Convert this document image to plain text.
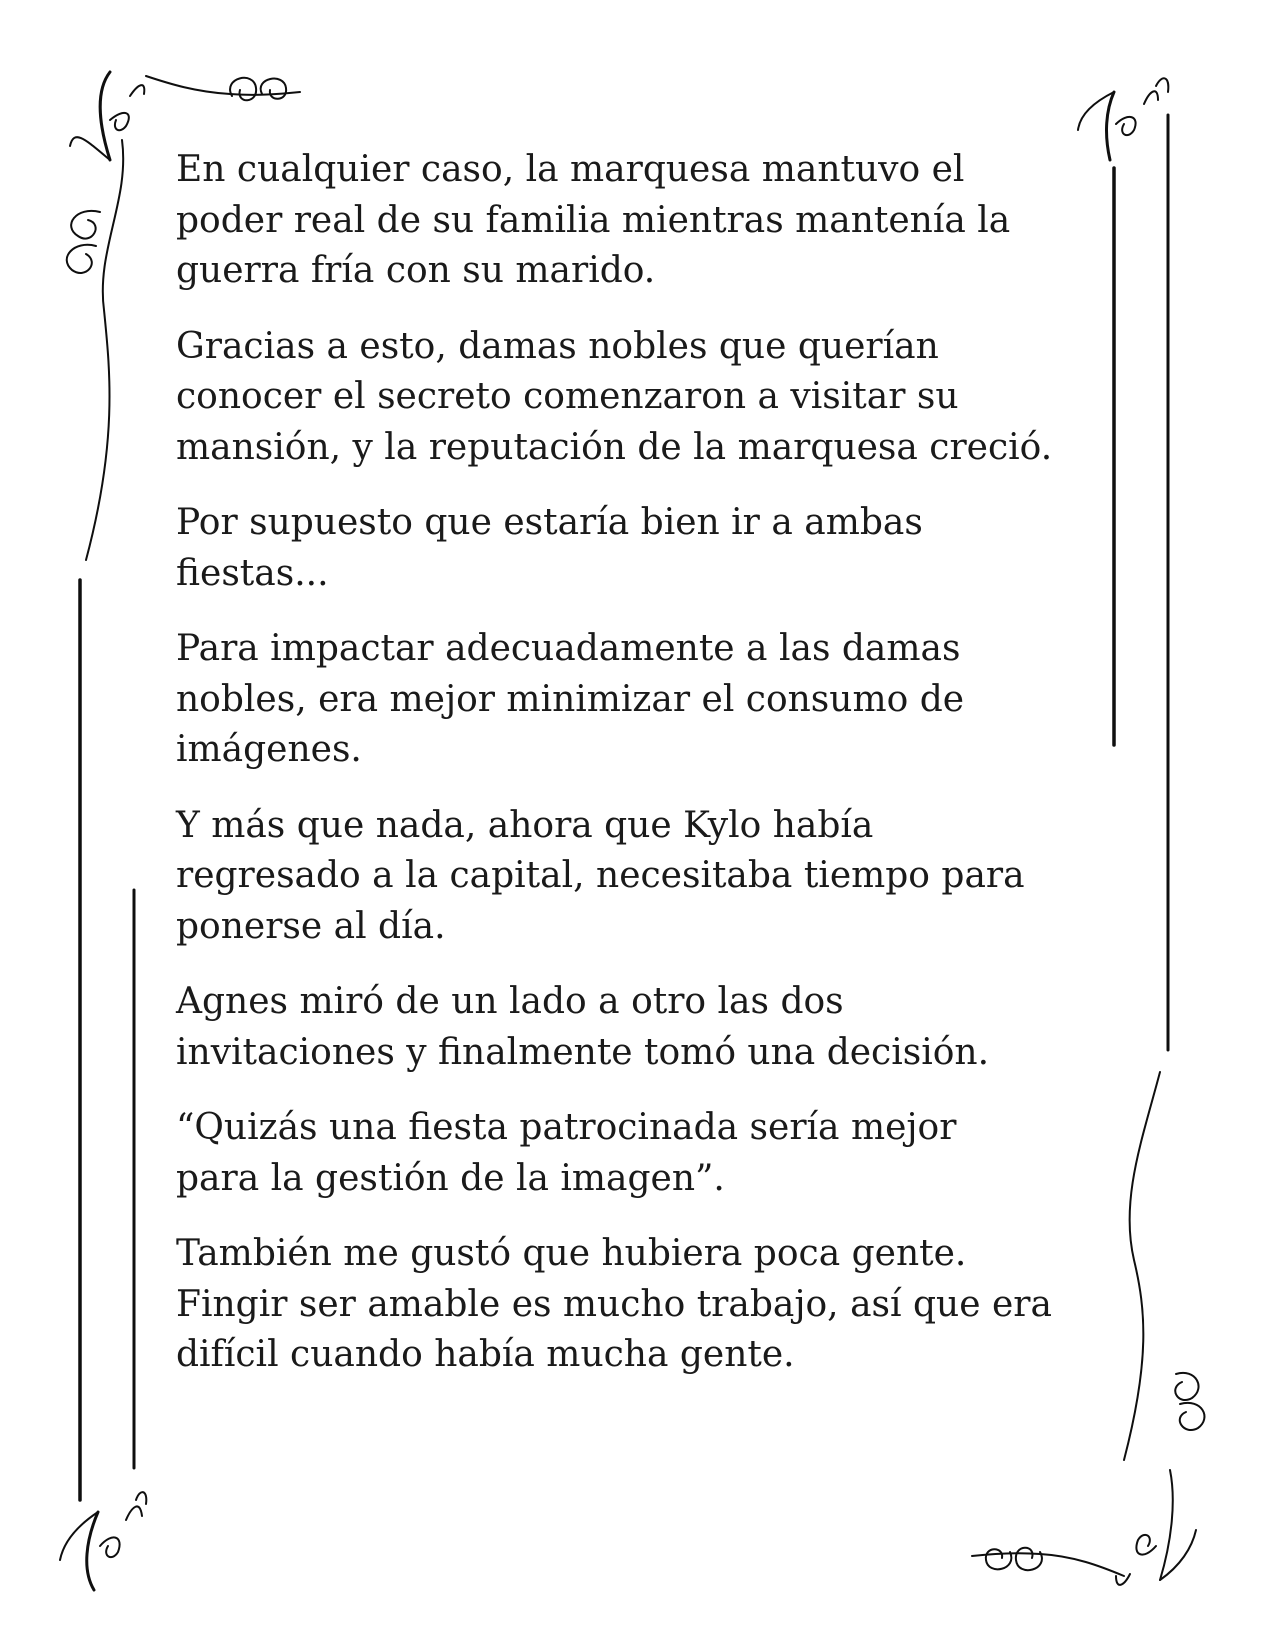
En cualquier caso, la marquesa mantuvo el
poder real de su familia mientras mantenía la
guerra fría con su marido.

Gracias a esto, damas nobles que querían
conocer el secreto comenzaron a visitar su
mansión, y la reputación de la marquesa creció.

Por supuesto que estaría bien ir a ambas
fiestas...

Para impactar adecuadamente a las damas
nobles, era mejor minimizar el consumo de
imágenes.

Y más que nada, ahora que Kylo había
regresado a la capital, necesitaba tiempo para
ponerse al día.

Agnes miró de un lado a otro las dos
invitaciones y finalmente tomó una decisión.

“Quizás una fiesta patrocinada sería mejor
para la gestión de la imagen”.

También me gustó que hubiera poca gente.
Fingir ser amable es mucho trabajo, así que era
difícil cuando había mucha gente.
